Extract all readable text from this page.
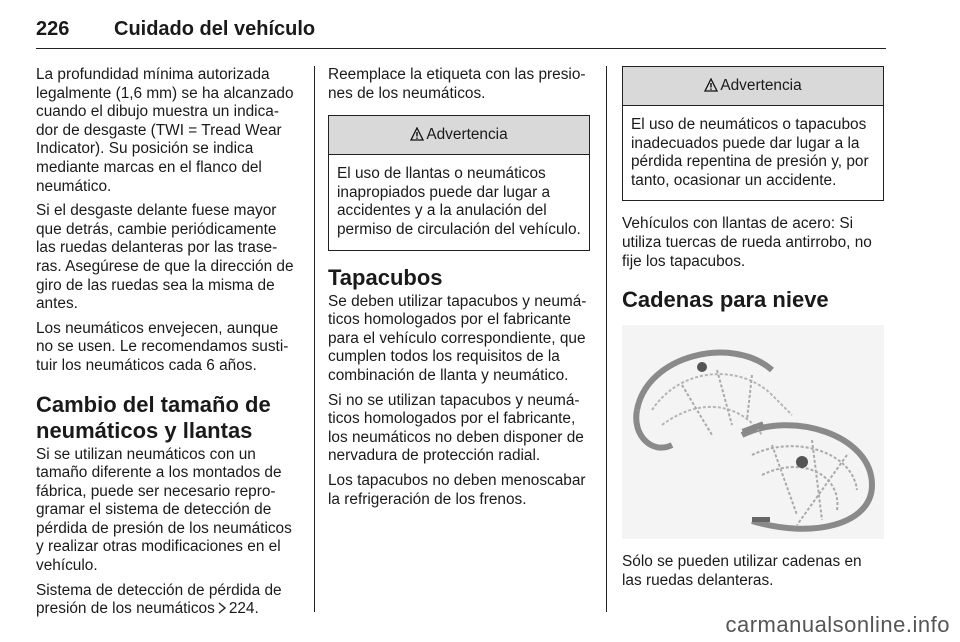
226 Cuidado del vehículo

La profundidad mínima autorizada legalmente (1,6 mm) se ha alcanzado cuando el dibujo muestra un indica-dor de desgaste (TWI = Tread Wear Indicator). Su posición se indica mediante marcas en el flanco del neumático.

Si el desgaste delante fuese mayor que detrás, cambie periódicamente las ruedas delanteras por las trase-ras. Asegúrese de que la dirección de giro de las ruedas sea la misma de antes.

Los neumáticos envejecen, aunque no se usen. Le recomendamos susti-tuir los neumáticos cada 6 años.

Cambio del tamaño de neumáticos y llantas

Si se utilizan neumáticos con un tamaño diferente a los montados de fábrica, puede ser necesario repro-gramar el sistema de detección de pérdida de presión de los neumáticos y realizar otras modificaciones en el vehículo.

Sistema de detección de pérdida de presión de los neumáticos 224.

Reemplace la etiqueta con las presio-nes de los neumáticos.

Advertencia
El uso de llantas o neumáticos inapropiados puede dar lugar a accidentes y a la anulación del permiso de circulación del vehículo.
Tapacubos

Se deben utilizar tapacubos y neumá-ticos homologados por el fabricante para el vehículo correspondiente, que cumplen todos los requisitos de la combinación de llanta y neumático.

Si no se utilizan tapacubos y neumá-ticos homologados por el fabricante, los neumáticos no deben disponer de nervadura de protección radial.

Los tapacubos no deben menoscabar la refrigeración de los frenos.

Advertencia
El uso de neumáticos o tapacubos inadecuados puede dar lugar a la pérdida repentina de presión y, por tanto, ocasionar un accidente.

Vehículos con llantas de acero: Si utiliza tuercas de rueda antirrobo, no fije los tapacubos.

Cadenas para nieve

Sólo se pueden utilizar cadenas en las ruedas delanteras.

carmanualsonline.info
